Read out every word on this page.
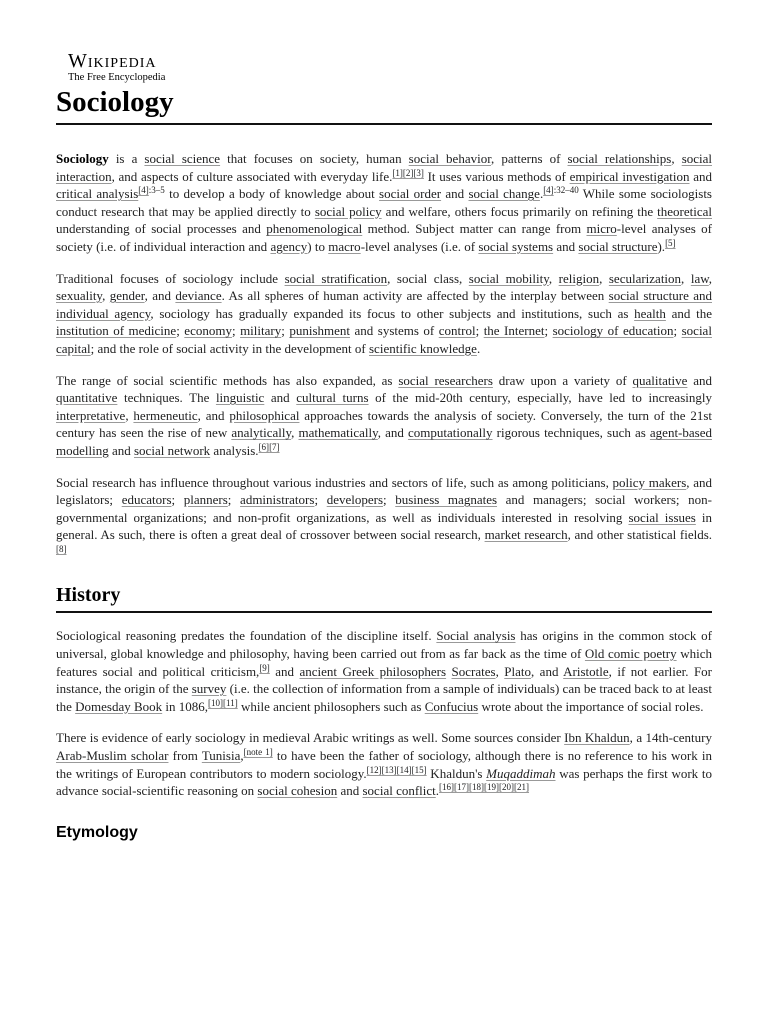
Wikipedia
The Free Encyclopedia
Sociology

Sociology is a social science that focuses on society, human social behavior, patterns of social relationships, social interaction, and aspects of culture associated with everyday life.[1][2][3] It uses various methods of empirical investigation and critical analysis$^{[4]:3-5}$ to develop a body of knowledge about social order and social change.$^{[4]:32-40}$ While some sociologists conduct research that may be applied directly to social policy and welfare, others focus primarily on refining the theoretical understanding of social processes and phenomenological method. Subject matter can range from micro-level analyses of society (i.e. of individual interaction and agency) to macro-level analyses (i.e. of social systems and social structure).[5]

Traditional focuses of sociology include social stratification, social class, social mobility, religion, secularization, law, sexuality, gender, and deviance. As all spheres of human activity are affected by the interplay between social structure and individual agency, sociology has gradually expanded its focus to other subjects and institutions, such as health and the institution of medicine; economy; military; punishment and systems of control; the Internet; sociology of education; social capital; and the role of social activity in the development of scientific knowledge.

The range of social scientific methods has also expanded, as social researchers draw upon a variety of qualitative and quantitative techniques. The linguistic and cultural turns of the mid-20th century, especially, have led to increasingly interpretative, hermeneutic, and philosophical approaches towards the analysis of society. Conversely, the turn of the 21st century has seen the rise of new analytically, mathematically, and computationally rigorous techniques, such as agent-based modelling and social network analysis.[6][7]

Social research has influence throughout various industries and sectors of life, such as among politicians, policy makers, and legislators; educators; planners; administrators; developers; business magnates and managers; social workers; non-governmental organizations; and non-profit organizations, as well as individuals interested in resolving social issues in general. As such, there is often a great deal of crossover between social research, market research, and other statistical fields.[8]

History

Sociological reasoning predates the foundation of the discipline itself. Social analysis has origins in the common stock of universal, global knowledge and philosophy, having been carried out from as far back as the time of Old comic poetry which features social and political criticism,[9] and ancient Greek philosophers Socrates, Plato, and Aristotle, if not earlier. For instance, the origin of the survey (i.e. the collection of information from a sample of individuals) can be traced back to at least the Domesday Book in 1086,[10][11] while ancient philosophers such as Confucius wrote about the importance of social roles.

There is evidence of early sociology in medieval Arabic writings as well. Some sources consider Ibn Khaldun, a 14th-century Arab-Muslim scholar from Tunisia,[note 1] to have been the father of sociology, although there is no reference to his work in the writings of European contributors to modern sociology.[12][13][14][15] Khaldun's Muqaddimah was perhaps the first work to advance social-scientific reasoning on social cohesion and social conflict.[16][17][18][19][20][21]

Etymology
